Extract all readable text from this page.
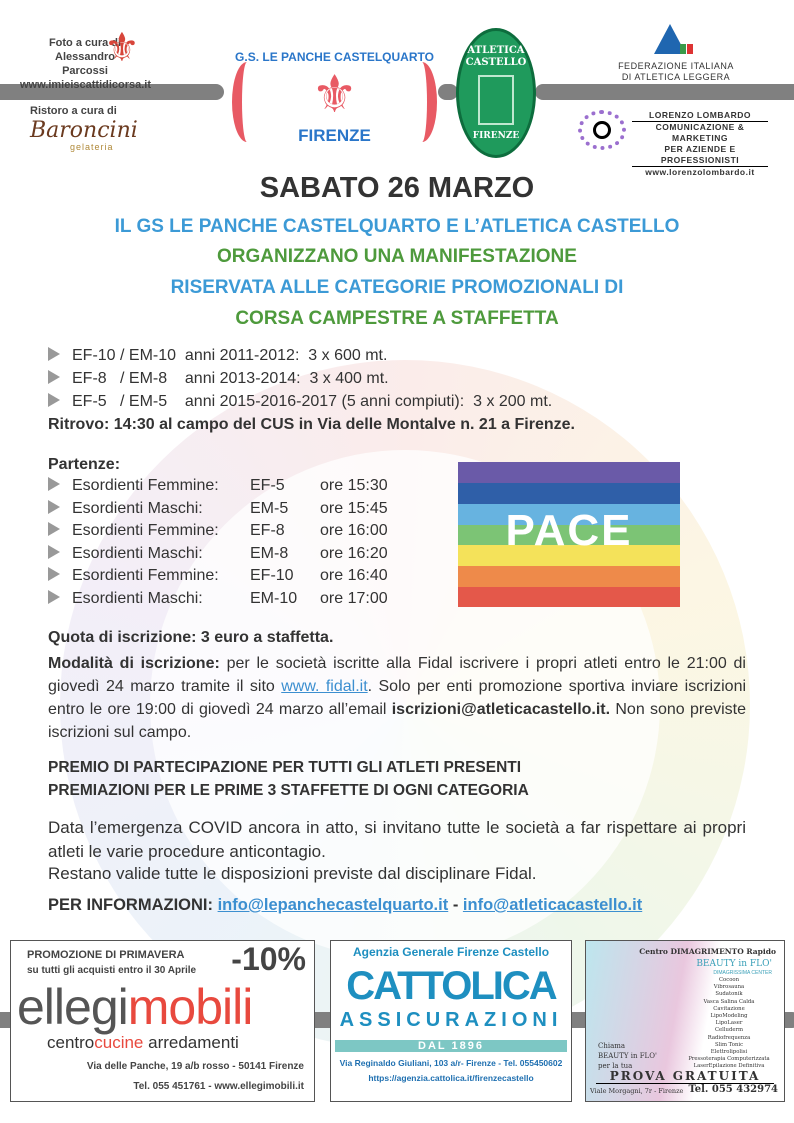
Foto a cura di
Alessandro
Parcossi
www.imieiscattidicorsa.it
⚜
Ristoro a cura di
Baroncini
gelateria
G.S. LE PANCHE CASTELQUARTO
⚜
FIRENZE
ATLETICA CASTELLO
FIRENZE
FEDERAZIONE ITALIANA
DI ATLETICA LEGGERA
LORENZO LOMBARDO
COMUNICAZIONE & MARKETING
PER AZIENDE E PROFESSIONISTI
www.lorenzolombardo.it
SABATO 26 MARZO
IL GS LE PANCHE CASTELQUARTO E L’ATLETICA CASTELLO
ORGANIZZANO UNA MANIFESTAZIONE
RISERVATA ALLE CATEGORIE PROMOZIONALI DI
CORSA CAMPESTRE A STAFFETTA
EF-10 / EM-10  anni 2011-2012:  3 x 600 mt.
EF-8   / EM-8    anni 2013-2014:  3 x 400 mt.
EF-5   / EM-5    anni 2015-2016-2017 (5 anni compiuti):  3 x 200 mt.
Ritrovo: 14:30 al campo del CUS in Via delle Montalve n. 21 a Firenze.
Partenze:
Esordienti Femmine: EF-5 ore 15:30
Esordienti Maschi:	EM-5 ore 15:45
Esordienti Femmine: EF-8 ore 16:00
Esordienti Maschi:	EM-8 ore 16:20
Esordienti Femmine: EF-10 ore 16:40
Esordienti Maschi:	EM-10 ore 17:00
PACE
Quota di iscrizione: 3 euro a staffetta.
Modalità di iscrizione: per le società iscritte alla Fidal iscrivere i propri atleti entro le 21:00 di giovedì 24 marzo tramite il sito www. fidal.it. Solo per enti promozione sportiva inviare iscrizioni entro le ore 19:00 di giovedì 24 marzo all’email iscrizioni@atleticacastello.it. Non sono previste iscrizioni sul campo.
PREMIO DI PARTECIPAZIONE PER TUTTI GLI ATLETI PRESENTI
PREMIAZIONI PER LE PRIME 3 STAFFETTE DI OGNI CATEGORIA
Data l’emergenza COVID ancora in atto, si invitano tutte le società a far rispettare ai propri atleti le varie procedure anticontagio.
Restano valide tutte le disposizioni previste dal disciplinare Fidal.
PER INFORMAZIONI: info@lepanchecastelquarto.it - info@atleticacastello.it
PROMOZIONE DI PRIMAVERA
su tutti gli acquisti entro il 30 Aprile -10%
ellegimobili
centrocucine arredamenti
Via delle Panche, 19 a/b rosso - 50141 Firenze
Tel. 055 451761 - www.ellegimobili.it
Agenzia Generale Firenze Castello
CATTOLICA
ASSICURAZIONI
DAL 1896
Via Reginaldo Giuliani, 103 a/r- Firenze - Tel. 055450602
https://agenzia.cattolica.it/firenzecastello
Centro DIMAGRIMENTO Rapido
BEAUTY in FLO'
DIMAGRISSIMA CENTER
Cocoon
Vibrosauna
Sudatonik
Vasca Salina Calda
Cavitazione
LipoModeling
LipoLaser
Celluderm
Radiofrequenza
Slim Tonic
Elettrolipolisi
Pressoterapia Computerizzata
LaserEpilazione Definitiva
Chiama
BEAUTY in FLO'
per la tua
PROVA GRATUITA
Viale Morgagni, 7r - Firenze Tel. 055 432974
